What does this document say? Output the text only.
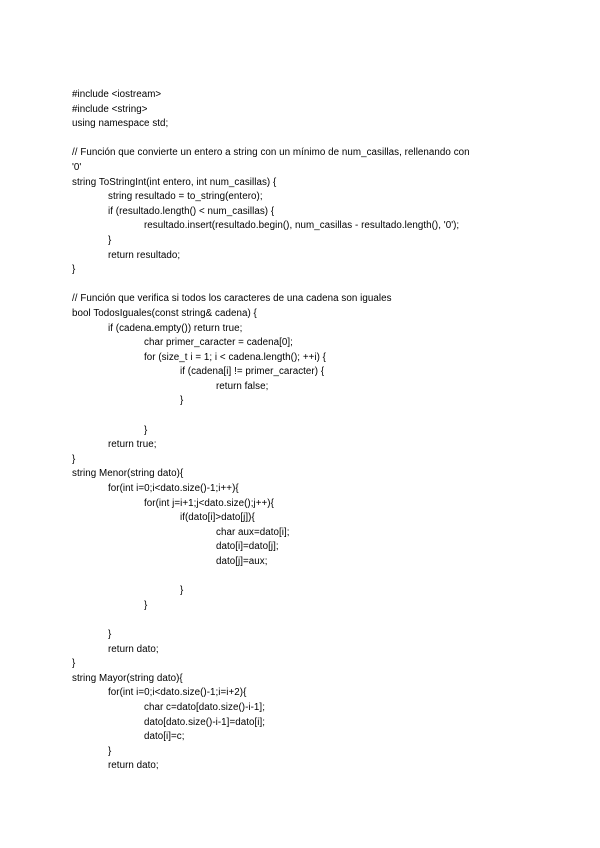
#include <iostream>
#include <string>
using namespace std;
// Función que convierte un entero a string con un mínimo de num_casillas, rellenando con
'0'
string ToStringInt(int entero, int num_casillas) {
string resultado = to_string(entero);
if (resultado.length() < num_casillas) {
resultado.insert(resultado.begin(), num_casillas - resultado.length(), '0');
}
return resultado;
}
// Función que verifica si todos los caracteres de una cadena son iguales
bool TodosIguales(const string& cadena) {
if (cadena.empty()) return true;
char primer_caracter = cadena[0];
for (size_t i = 1; i < cadena.length(); ++i) {
if (cadena[i] != primer_caracter) {
return false;
}
}
return true;
}
string Menor(string dato){
for(int i=0;i<dato.size()-1;i++){
for(int j=i+1;j<dato.size();j++){
if(dato[i]>dato[j]){
char aux=dato[i];
dato[i]=dato[j];
dato[j]=aux;
}
}
}
return dato;
}
string Mayor(string dato){
for(int i=0;i<dato.size()-1;i=i+2){
char c=dato[dato.size()-i-1];
dato[dato.size()-i-1]=dato[i];
dato[i]=c;
}
return dato;
